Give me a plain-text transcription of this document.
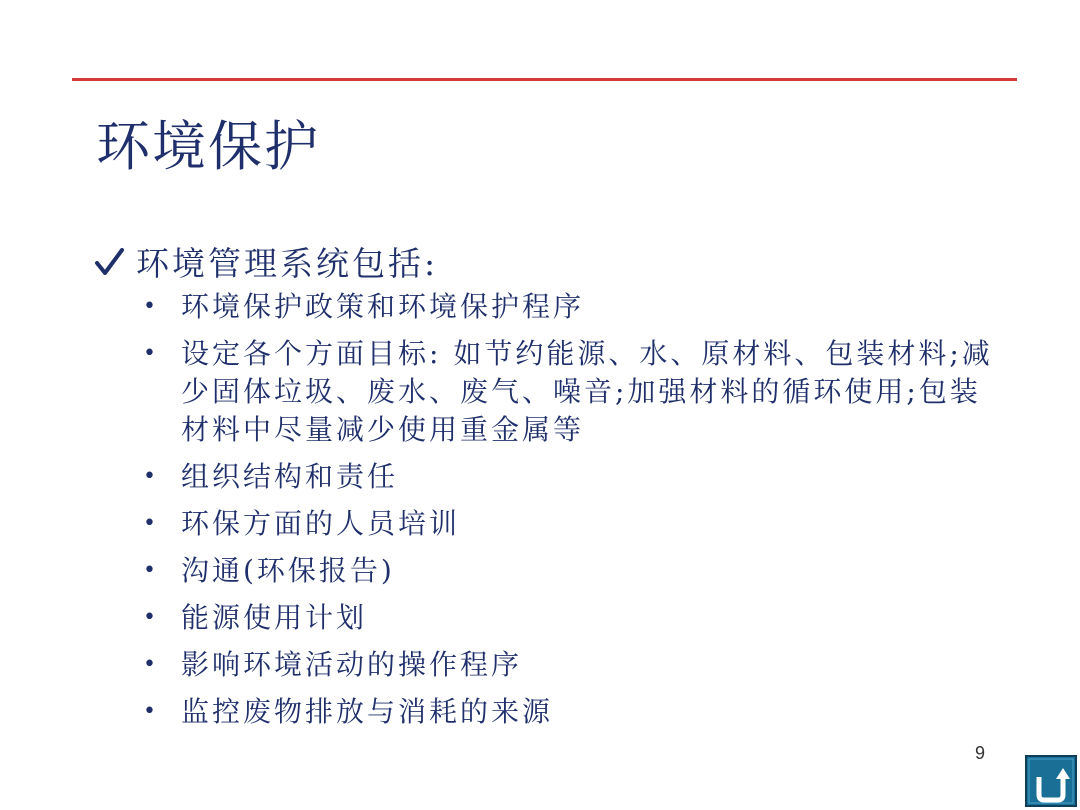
环境保护
环境管理系统包括:
• 环境保护政策和环境保护程序
• 设定各个方面目标: 如节约能源、水、原材料、包装材料;减少固体垃圾、废水、废气、噪音;加强材料的循环使用;包装材料中尽量减少使用重金属等
• 组织结构和责任
• 环保方面的人员培训
• 沟通(环保报告)
• 能源使用计划
• 影响环境活动的操作程序
• 监控废物排放与消耗的来源
9
